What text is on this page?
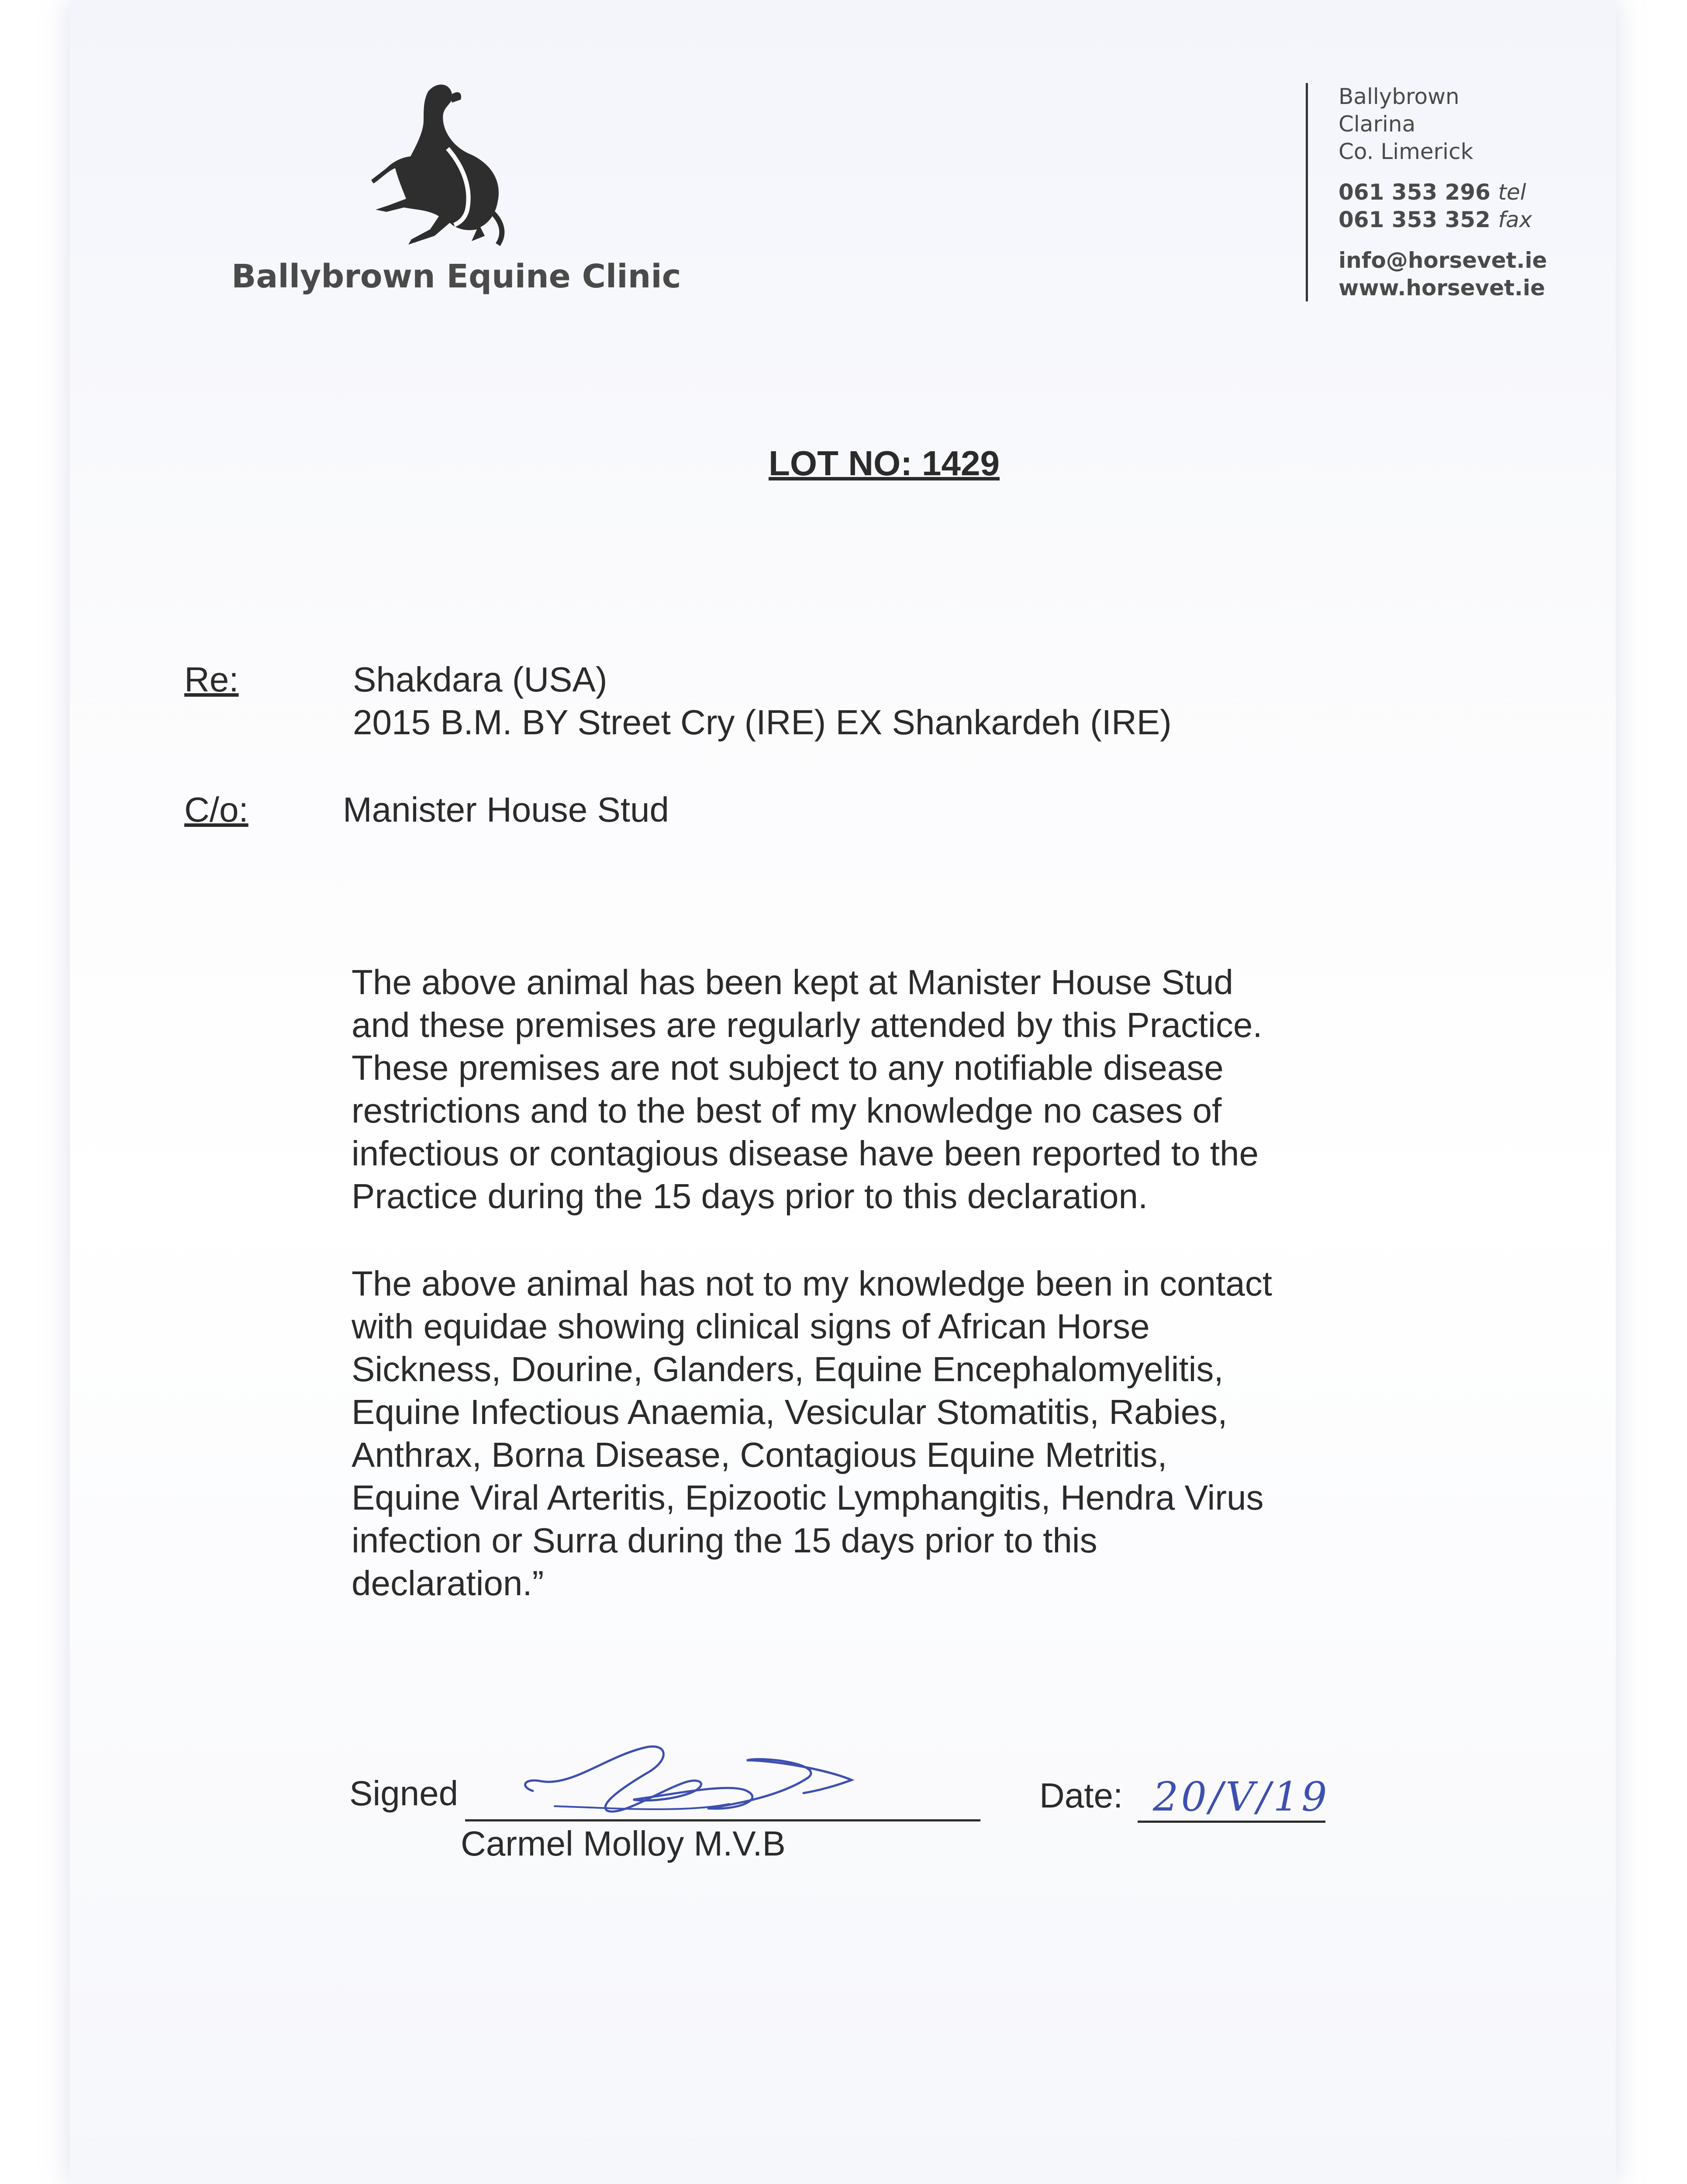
Ballybrown Equine Clinic
Ballybrown
Clarina
Co. Limerick
061 353 296 tel
061 353 352 fax
info@horsevet.ie
www.horsevet.ie
LOT NO: 1429
Re:	Shakdara (USA)
2015 B.M. BY Street Cry (IRE) EX Shankardeh (IRE)
C/o:	Manister House Stud
The above animal has been kept at Manister House Stud
and these premises are regularly attended by this Practice.
These premises are not subject to any notifiable disease
restrictions and to the best of my knowledge no cases of
infectious or contagious disease have been reported to the
Practice during the 15 days prior to this declaration.
The above animal has not to my knowledge been in contact
with equidae showing clinical signs of African Horse
Sickness, Dourine, Glanders, Equine Encephalomyelitis,
Equine Infectious Anaemia, Vesicular Stomatitis, Rabies,
Anthrax, Borna Disease, Contagious Equine Metritis,
Equine Viral Arteritis, Epizootic Lymphangitis, Hendra Virus
infection or Surra during the 15 days prior to this
declaration.”
Signed
Carmel Molloy M.V.B
Date: 20/V/19
